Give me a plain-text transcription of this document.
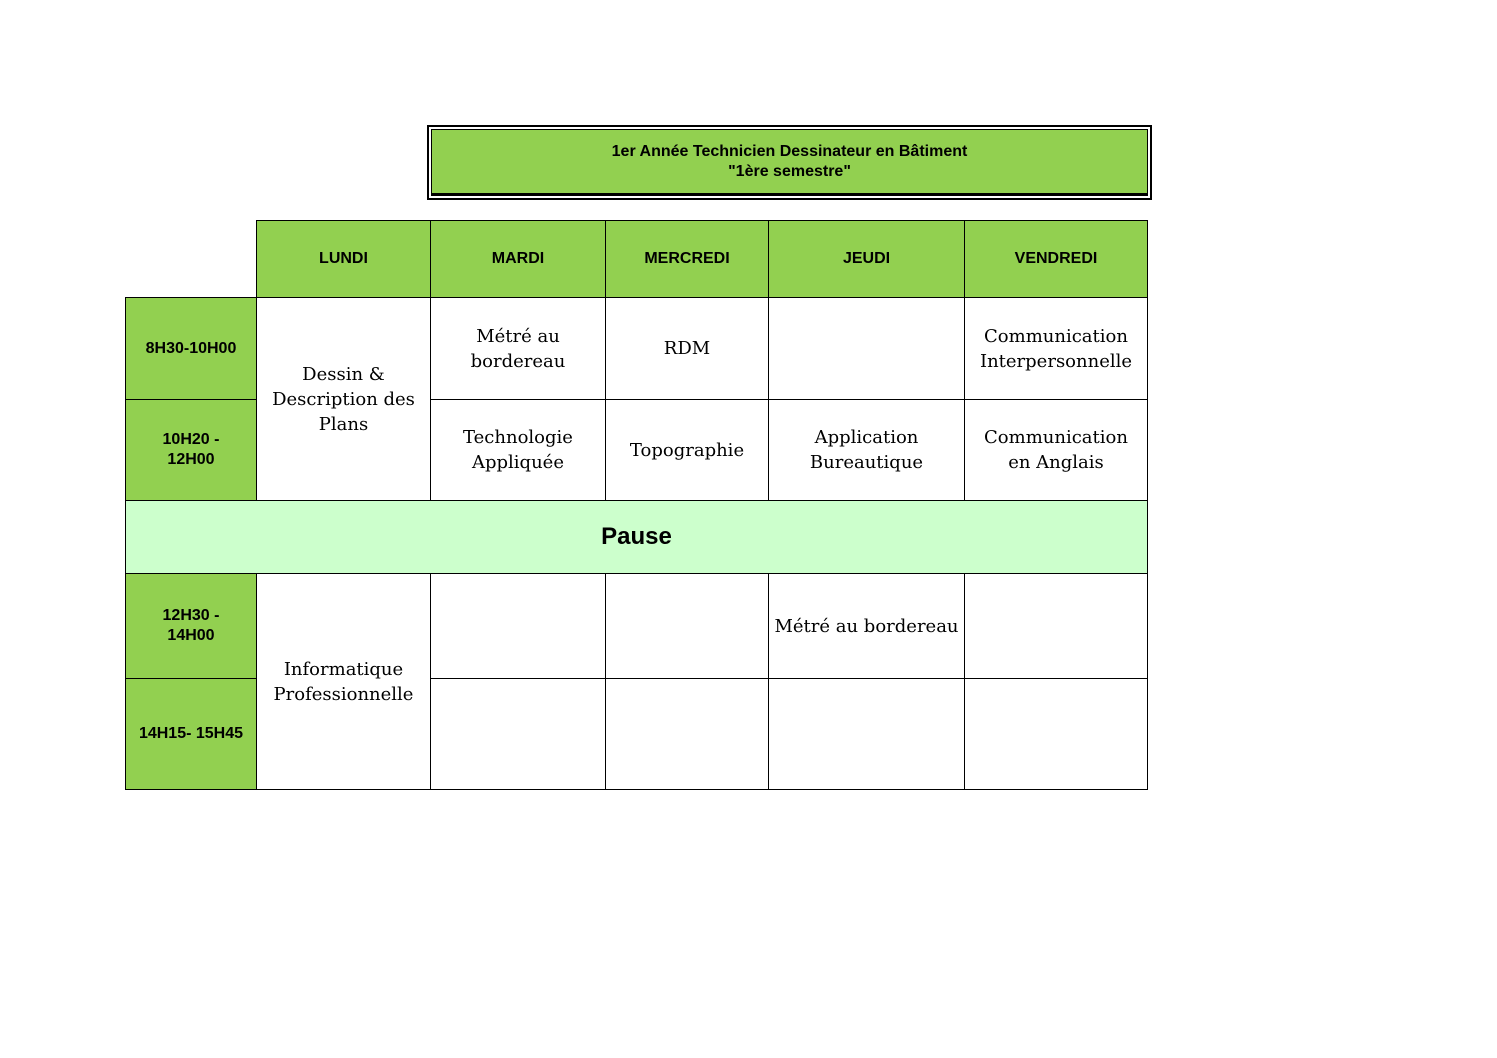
1er Année Technicien Dessinateur en Bâtiment
"1ère semestre"
	LUNDI	MARDI	MERCREDI	JEUDI	VENDREDI
8H30-10H00	Dessin & Description des Plans	Métré au bordereau	RDM		Communication Interpersonnelle

10H20 - 12H00		Technologie Appliquée	Topographie	Application Bureautique	Communication en Anglais
Pause					

12H30 - 14H00	Informatique Professionnelle			Métré au bordereau	
14H15- 15H45					
